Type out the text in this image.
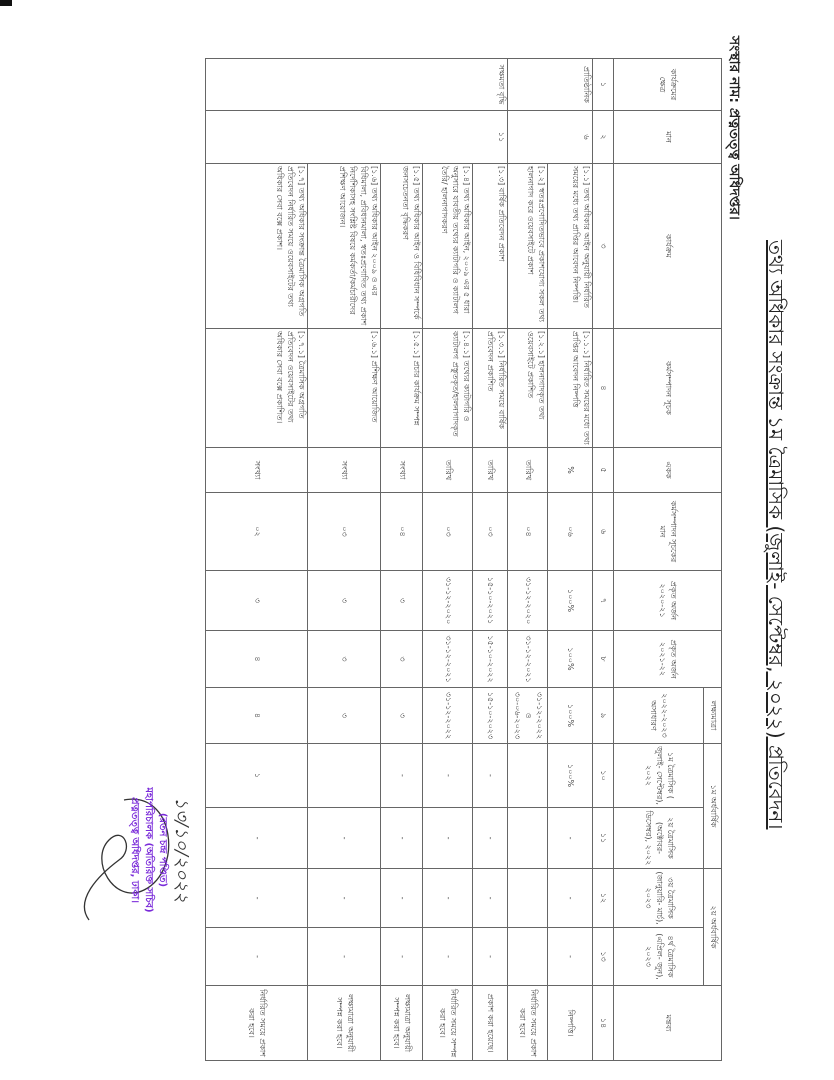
সংস্থার নাম: প্রত্নতত্ত্ব অধিদপ্তর।
তথ্য অধিকার সংক্রান্ত ১ম ত্রৈমাসিক (জুলাই- সেপ্টেম্বর, ২০২২) প্রতিবেদন।
কার্যক্রমের ক্ষেত্র	মান	কার্যক্রম	কর্মসম্পাদন সূচক	একক	কর্মসম্পাদন সূচকের মান	প্রকৃত অর্জন ২০২০-২১	প্রকৃত অর্জন ২০২১-২২	লক্ষ্যমাত্রা	১ম অর্ধবার্ষিক		২য় অর্ধবার্ষিক		মন্তব্য
								২০২২-২০২৩ অসাধারণ	১ম ত্রৈমাসিক ( জুলাই- সেপ্টেম্বর), ২০২২	২য় ত্রৈমাসিক (অক্টোবর- ডিসেম্বর), ২০২২	৩য় ত্রৈমাসিক (জানুয়ারি- মার্চ), ২০২৩	৪র্থ ত্রৈমাসিক (এপ্রিল- জুন), ২০২৩	
১	২	৩	৪	৫	৬	৭	৮	৯	১০	১১	১২	১৩	১৪
প্রাতিষ্ঠানিক	৬	[১.১] তথ্য অধিকার আইন অনুযায়ী নির্ধারিত সময়ের মধ্যে তথ্য প্রাপ্তির আবেদন নিষ্পত্তি।	[১.১.১] নির্ধারিত সময়ের মধ্যে তথ্য প্রাপ্তির আবেদন নিষ্পত্তি	%	০৬	১০০%	১০০%	১০০%	১০০%	-	-	-	নিষ্পত্তি।
		[১.২] স্বতঃপ্রণোদিতভাবে প্রকাশযোগ্য সকল তথ্য হালনাগাদ করে ওয়েবসাইটে প্রকাশ	[১.২.১] হালনাগাদকৃত তথ্য ওয়েবসাইটে প্রকাশিত	তারিখ	০৪	৩১-১২-২০২০	৩১-১২-২০২১	৩১-১২-২০২২ ও ৩০-০৬-২০২৩					নির্ধারিত সময়ে প্রকাশ করা হবে।
সক্ষমতা বৃদ্ধি	১১	[১.৩] বার্ষিক প্রতিবেদন প্রকাশ	[১.৩.১] নির্ধারিত সময়ে বার্ষিক প্রতিবেদন প্রকাশিত	তারিখ	০৩	১৫-১০-২০২১	১৫-১০-২০২২	১৫-১০-২০২৩	-	-	-	-	প্রকাশ করা হয়েছে।
		[১.৪] তথ্য অধিকার আইন, ২০০৯ এর ৫ ধারা অনুসারে যাবতীয় তথ্যের ক্যাটাগরি ও ক্যাটালগ তৈরি/ হালনাগাদকরণ	[১.৪.১] তথ্যের ক্যাটাগরি ও ক্যাটালগ প্রস্তুতকৃত/হালনাগাদকৃত	তারিখ	০৩	৩১-১২-২০২০	৩১-১২-২০২১	৩১-১২-২০২২	-	-	-	-	নির্ধারিত সময়ে সম্পন্ন করা হবে।
		[১.৫] তথ্য অধিকার আইন ও বিধিবিধান সম্পর্কে জনসচেতনতা বৃদ্ধিকরণ	[১.৫.১] প্রচার কার্যক্রম সম্পন্ন	সংখ্যা	০৪	৩	৩	৩	-	-	-	-	লক্ষ্যমাত্রা অনুযায়ী সম্পন্ন করা হবে।
		[১.৬] তথ্য অধিকার আইন ২০০৯ ও এর বিধিমালা, প্রবিধানমালা, স্বতঃপ্রণোদিত তথ্য প্রকাশ নির্দেশিকাসহ সংশ্লিষ্ট বিষয়ে কর্মকর্তা/কর্মচারীদের প্রশিক্ষণ আয়োজন।	[১.৬.১] প্রশিক্ষণ আয়োজিত	সংখ্যা	০৩	৩	৩	৩		-	-	-	লক্ষ্যমাত্রা অনুযায়ী সম্পন্ন করা হবে।
		[১.৭] তথ্য অধিকার সংক্রান্ত ত্রৈমাসিক অগ্রগতি প্রতিবেদন নির্ধারিত সময়ে ওয়েবসাইটের তথ্য অধিকার সেবা বক্সে প্রকাশ।	[১.৭.১] ত্রৈমাসিক অগ্রগতি প্রতিবেদন ওয়েবসাইটের তথ্য অধিকার সেবা বক্সে প্রকাশিত।	সংখ্যা	০২	৩	৪	৪	১	-	-	-	নির্ধারিত সময়ে প্রকাশ করা হবে।
১৩/১০/২০২২
(রতন চন্দ্র পণ্ডিত)
মহাপরিচালক (অতিরিক্ত সচিব)
প্রত্নতত্ত্ব অধিদপ্তর, ঢাকা।
